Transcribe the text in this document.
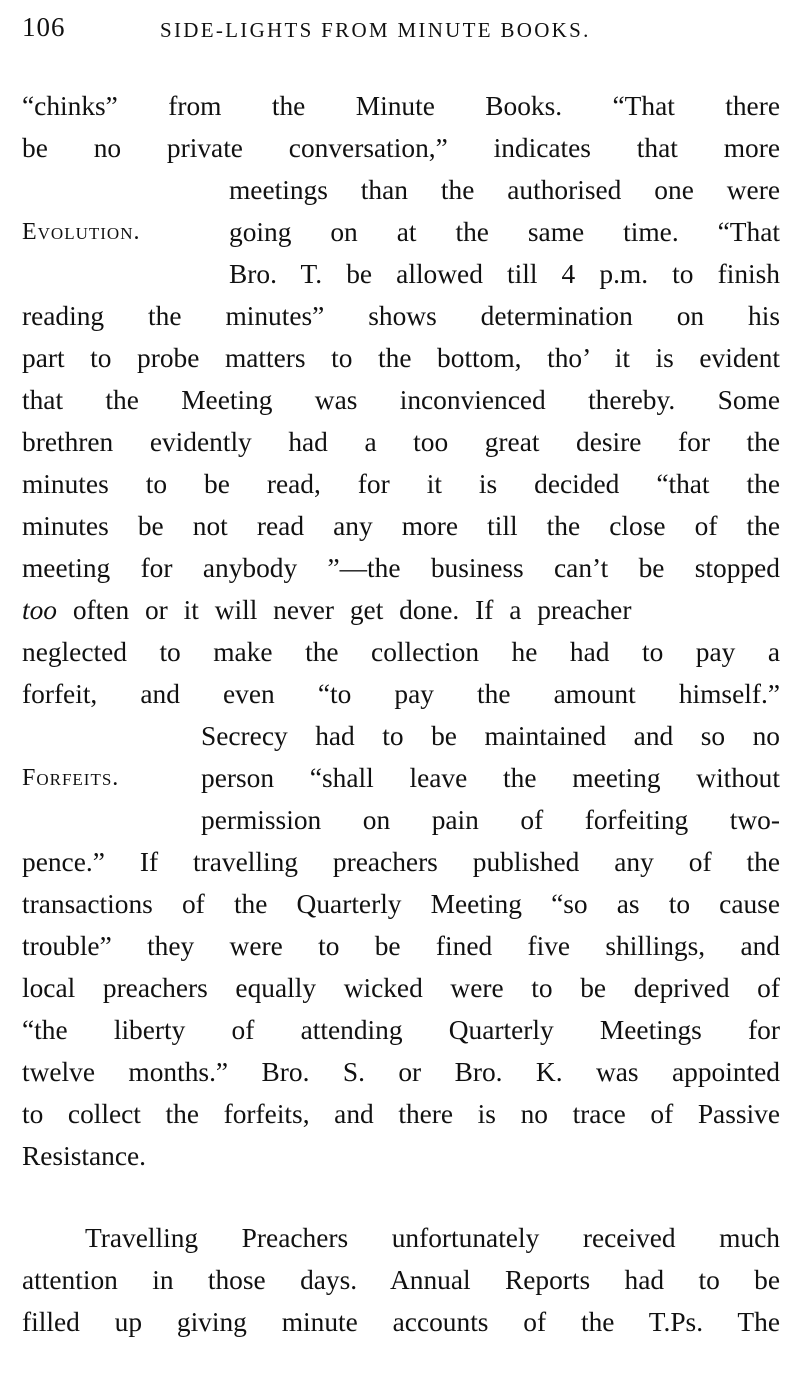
106	SIDE-LIGHTS FROM MINUTE BOOKS.
“chinks” from the Minute Books. “That there
be no private conversation,” indicates that more
meetings than the authorised one were
Evolution.	going on at the same time. “That
Bro. T. be allowed till 4 p.m. to finish
reading the minutes” shows determination on his
part to probe matters to the bottom, tho’ it is evident
that the Meeting was inconvienced thereby. Some
brethren evidently had a too great desire for the
minutes to be read, for it is decided “that the
minutes be not read any more till the close of the
meeting for anybody ”—the business can’t be stopped
too often or it will never get done. If a preacher
neglected to make the collection he had to pay a
forfeit, and even “to pay the amount himself.”
Secrecy had to be maintained and so no
Forfeits.	person “shall leave the meeting without
permission on pain of forfeiting two-
pence.” If travelling preachers published any of the
transactions of the Quarterly Meeting “so as to cause
trouble” they were to be fined five shillings, and
local preachers equally wicked were to be deprived of
“the liberty of attending Quarterly Meetings for
twelve months.” Bro. S. or Bro. K. was appointed
to collect the forfeits, and there is no trace of Passive
Resistance.
Travelling Preachers unfortunately received much
attention in those days. Annual Reports had to be
filled up giving minute accounts of the T.Ps. The
